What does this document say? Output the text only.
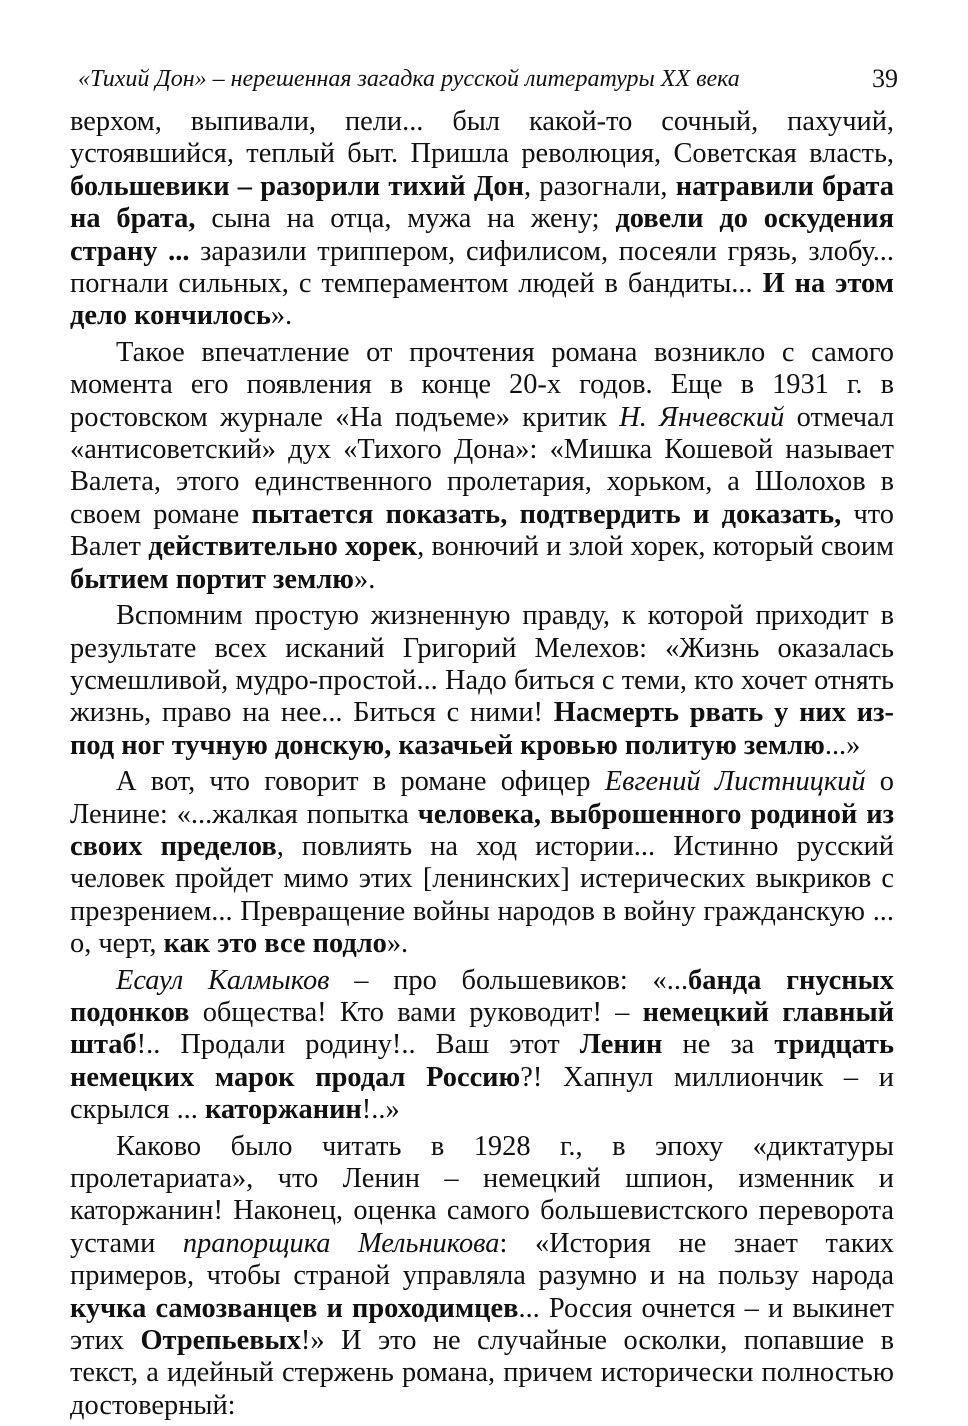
«Тихий Дон» – нерешенная загадка русской литературы XX века	39

верхом, выпивали, пели... был какой-то сочный, пахучий, устоявшийся, теплый быт. Пришла революция, Советская власть, большевики – разорили тихий Дон, разогнали, натравили брата на брата, сына на отца, мужа на жену; довели до оскудения страну ... заразили триппером, сифилисом, посеяли грязь, злобу... погнали сильных, с темпераментом людей в бандиты... И на этом дело кончилось».

Такое впечатление от прочтения романа возникло с самого момента его появления в конце 20-х годов. Еще в 1931 г. в ростовском журнале «На подъеме» критик Н. Янчевский отмечал «антисоветский» дух «Тихого Дона»: «Мишка Кошевой называет Валета, этого единственного пролетария, хорьком, а Шолохов в своем романе пытается показать, подтвердить и доказать, что Валет действительно хорек, вонючий и злой хорек, который своим бытием портит землю».

Вспомним простую жизненную правду, к которой приходит в результате всех исканий Григорий Мелехов: «Жизнь оказалась усмешливой, мудро-простой... Надо биться с теми, кто хочет отнять жизнь, право на нее... Биться с ними! Насмерть рвать у них из-под ног тучную донскую, казачьей кровью политую землю...»

А вот, что говорит в романе офицер Евгений Листницкий о Ленине: «...жалкая попытка человека, выброшенного родиной из своих пределов, повлиять на ход истории... Истинно русский человек пройдет мимо этих [ленинских] истерических выкриков с презрением... Превращение войны народов в войну гражданскую ... о, черт, как это все подло».

Есаул Калмыков – про большевиков: «...банда гнусных подонков общества! Кто вами руководит! – немецкий главный штаб!.. Продали родину!.. Ваш этот Ленин не за тридцать немецких марок продал Россию?! Хапнул миллиончик – и скрылся ... каторжанин!..»

Каково было читать в 1928 г., в эпоху «диктатуры пролетариата», что Ленин – немецкий шпион, изменник и каторжанин! Наконец, оценка самого большевистского переворота устами прапорщика Мельникова: «История не знает таких примеров, чтобы страной управляла разумно и на пользу народа кучка самозванцев и проходимцев... Россия очнется – и выкинет этих Отрепьевых!» И это не случайные осколки, попавшие в текст, а идейный стержень романа, причем исторически полностью достоверный:
